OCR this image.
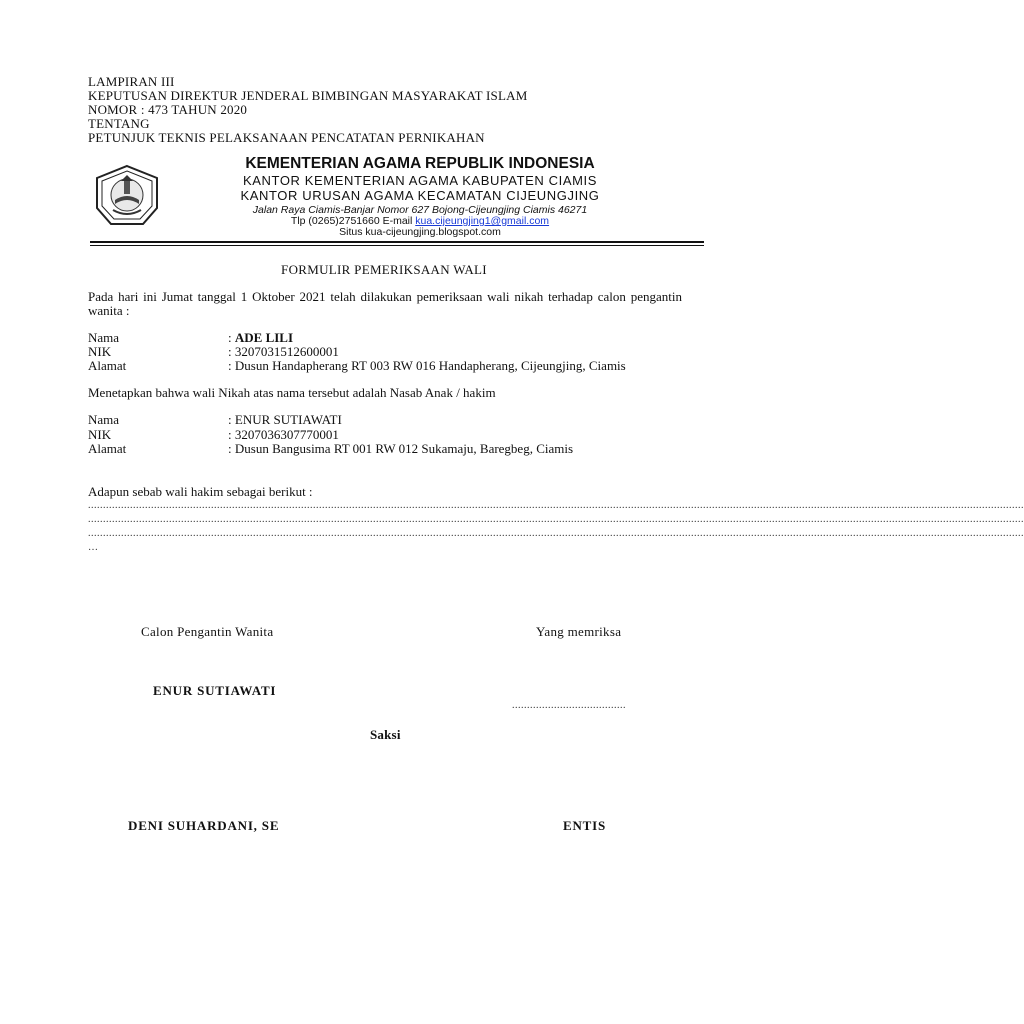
LAMPIRAN III
KEPUTUSAN DIREKTUR JENDERAL BIMBINGAN MASYARAKAT ISLAM
NOMOR : 473 TAHUN 2020
TENTANG
PETUNJUK TEKNIS PELAKSANAAN PENCATATAN PERNIKAHAN
KEMENTERIAN AGAMA REPUBLIK INDONESIA
KANTOR KEMENTERIAN AGAMA KABUPATEN CIAMIS
KANTOR URUSAN AGAMA KECAMATAN CIJEUNGJING
Jalan Raya Ciamis-Banjar Nomor 627 Bojong-Cijeungjing Ciamis 46271
Tlp (0265)2751660 E-mail kua.cijeungjing1@gmail.com
Situs kua-cijeungjing.blogspot.com
FORMULIR PEMERIKSAAN WALI
Pada hari ini Jumat tanggal 1 Oktober 2021 telah dilakukan pemeriksaan wali nikah terhadap calon pengantin wanita :
Nama	: ADE LILI
NIK	: 3207031512600001
Alamat	: Dusun Handapherang RT 003 RW 016 Handapherang, Cijeungjing, Ciamis
Menetapkan bahwa wali Nikah atas nama tersebut adalah Nasab Anak / hakim
Nama	: ENUR SUTIAWATI
NIK	: 3207036307770001
Alamat	: Dusun Bangusima RT 001 RW 012 Sukamaju, Baregbeg, Ciamis
Adapun sebab wali hakim sebagai berikut :
........................................................................................................................................................................................................................................................................................................................
........................................................................................................................................................................................................................................................................................................................
........................................................................................................................................................................................................................................................................................................................
…
Calon Pengantin Wanita	Yang memriksa
ENUR SUTIAWATI
......................................
Saksi
DENI SUHARDANI, SE	ENTIS
